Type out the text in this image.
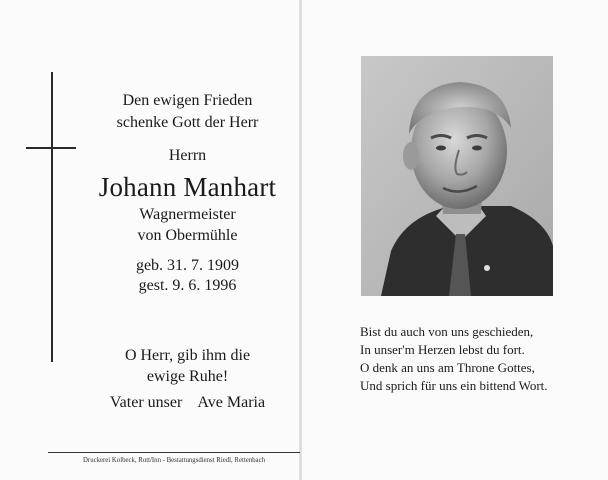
Den ewigen Frieden
schenke Gott der Herr
Herrn
Johann Manhart
Wagnermeister
von Obermühle
geb. 31. 7. 1909
gest. 9. 6. 1996
O Herr, gib ihm die
ewige Ruhe!
Vater unser    Ave Maria
Druckerei Kolbeck, Rott/Inn - Bestattungsdienst Riedl, Rettenbach
Bist du auch von uns geschieden,
In unser'm Herzen lebst du fort.
O denk an uns am Throne Gottes,
Und sprich für uns ein bittend Wort.
